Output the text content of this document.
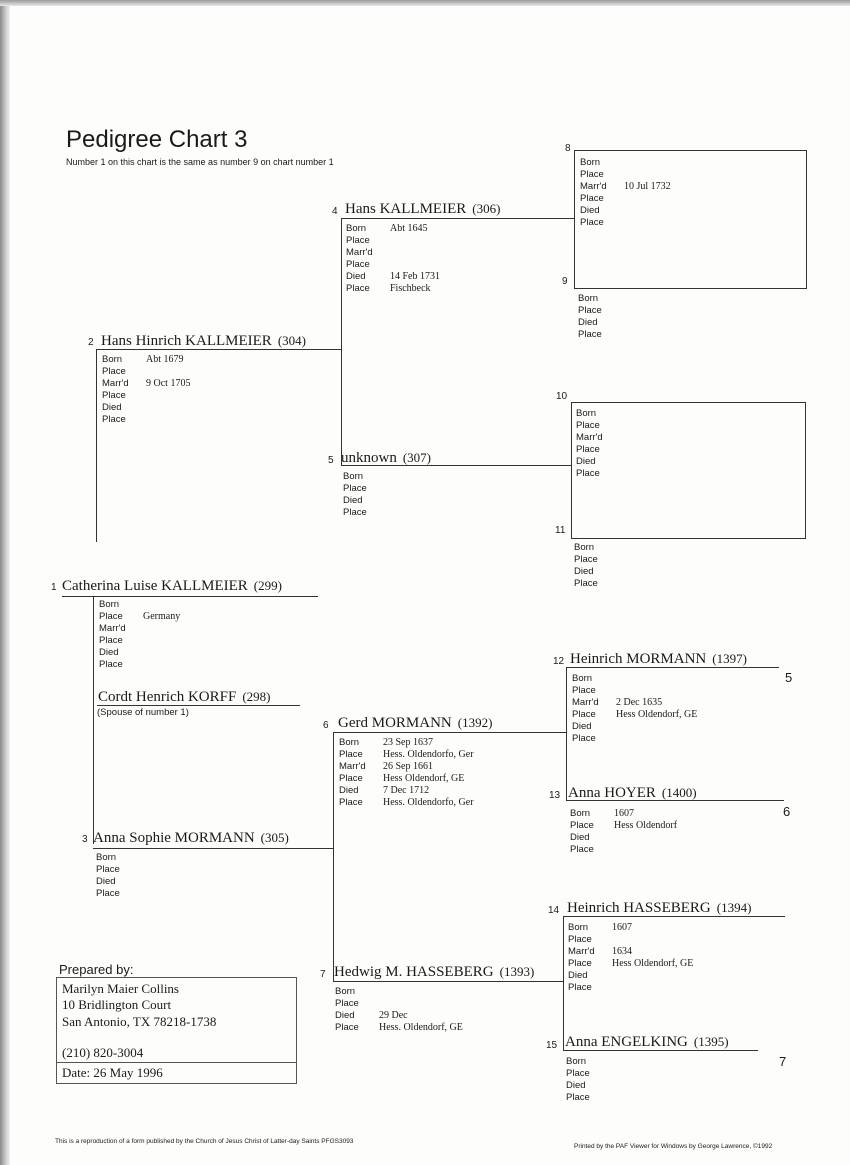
Pedigree Chart 3
Number 1 on this chart is the same as number 9 on chart number 1
1 Catherina Luise KALLMEIER (299)
Born
Place Germany
Marr'd
Place
Died
Place
Cordt Henrich KORFF (298)
(Spouse of number 1)
2 Hans Hinrich KALLMEIER (304)
Born Abt 1679
Place
Marr'd 9 Oct 1705
Place
Died
Place
3 Anna Sophie MORMANN (305)
Born
Place
Died
Place
4 Hans KALLMEIER (306)
Born Abt 1645
Place
Marr'd
Place
Died 14 Feb 1731
Place Fischbeck
5 unknown (307)
Born
Place
Died
Place
6 Gerd MORMANN (1392)
Born 23 Sep 1637
Place Hess. Oldendorfo, Ger
Marr'd 26 Sep 1661
Place Hess Oldendorf, GE
Died 7 Dec 1712
Place Hess. Oldendorfo, Ger
7 Hedwig M. HASSEBERG (1393)
Born
Place
Died 29 Dec
Place Hess. Oldendorf, GE
8
Born
Place
Marr'd 10 Jul 1732
Place
Died
Place
9
Born
Place
Died
Place
10
Born
Place
Marr'd
Place
Died
Place
11
Born
Place
Died
Place
12 Heinrich MORMANN (1397)
5
Born
Place
Marr'd 2 Dec 1635
Place Hess Oldendorf, GE
Died
Place
13 Anna HOYER (1400)
6
Born 1607
Place Hess Oldendorf
Died
Place
14 Heinrich HASSEBERG (1394)
Born 1607
Place
Marr'd 1634
Place Hess Oldendorf, GE
Died
Place
15 Anna ENGELKING (1395)
7
Born
Place
Died
Place
Prepared by:
Marilyn Maier Collins
10 Bridlington Court
San Antonio, TX 78218-1738
(210) 820-3004
Date: 26 May 1996
This is a reproduction of a form published by the Church of Jesus Christ of Latter-day Saints PFGS3093
Printed by the PAF Viewer for Windows by George Lawrence, ©1992
